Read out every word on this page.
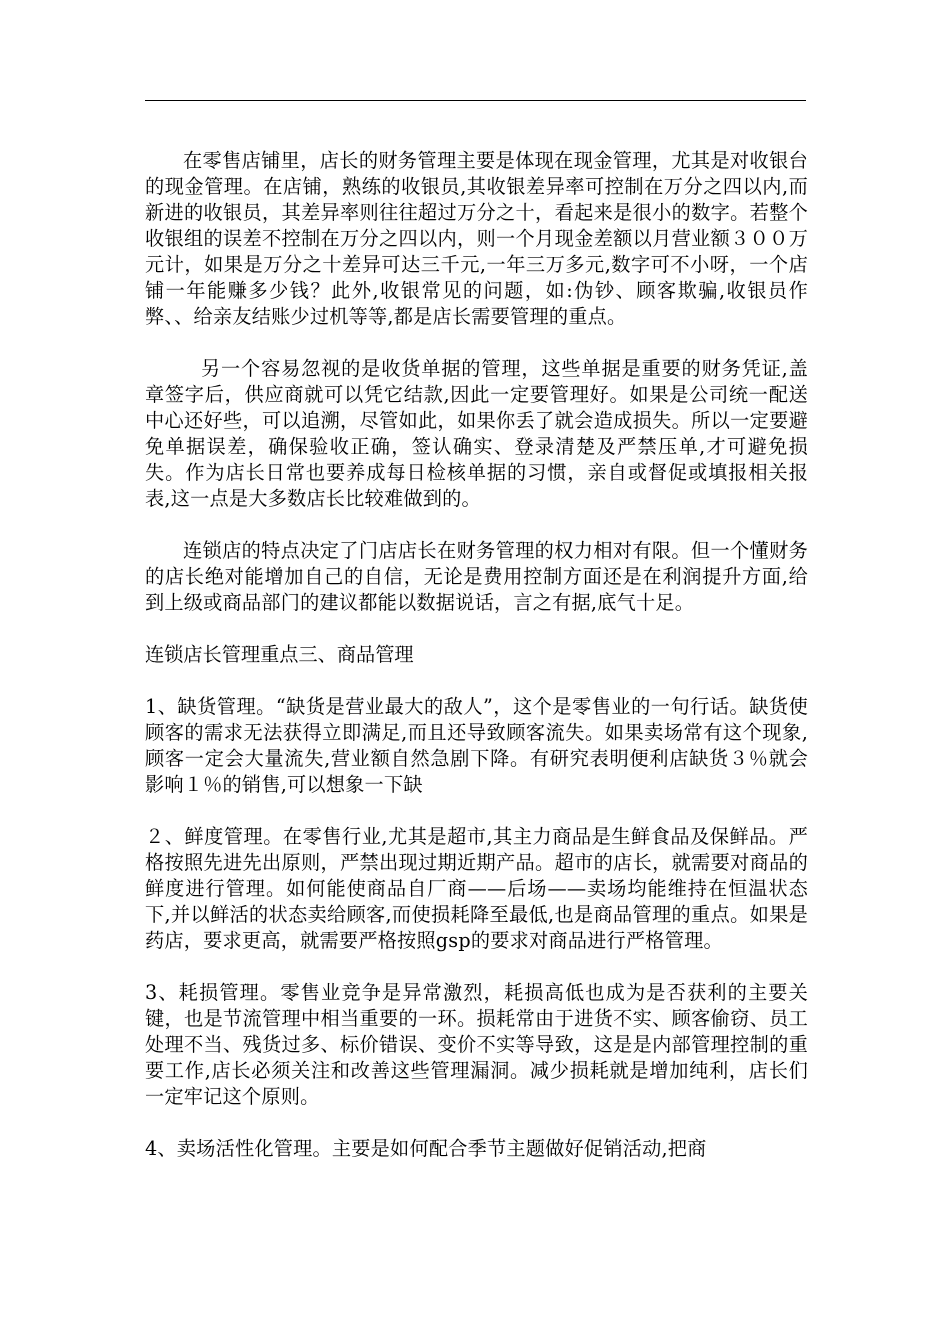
在零售店铺里，店长的财务管理主要是体现在现金管理，尤其是对收银台的现金管理。在店铺，熟练的收银员,其收银差异率可控制在万分之四以内,而新进的收银员，其差异率则往往超过万分之十，看起来是很小的数字。若整个收银组的误差不控制在万分之四以内，则一个月现金差额以月营业额３００万元计，如果是万分之十差异可达三千元,一年三万多元,数字可不小呀，一个店铺一年能赚多少钱？此外,收银常见的问题，如:伪钞、顾客欺骗,收银员作弊、、给亲友结账少过机等等,都是店长需要管理的重点。

另一个容易忽视的是收货单据的管理，这些单据是重要的财务凭证,盖章签字后，供应商就可以凭它结款,因此一定要管理好。如果是公司统一配送中心还好些，可以追溯，尽管如此，如果你丢了就会造成损失。所以一定要避免单据误差，确保验收正确，签认确实、登录清楚及严禁压单,才可避免损失。作为店长日常也要养成每日检核单据的习惯，亲自或督促或填报相关报表,这一点是大多数店长比较难做到的。

连锁店的特点决定了门店店长在财务管理的权力相对有限。但一个懂财务的店长绝对能增加自己的自信，无论是费用控制方面还是在利润提升方面,给到上级或商品部门的建议都能以数据说话，言之有据,底气十足。

连锁店长管理重点三、商品管理

1、缺货管理。“缺货是营业最大的敌人”，这个是零售业的一句行话。缺货使顾客的需求无法获得立即满足,而且还导致顾客流失。如果卖场常有这个现象,顾客一定会大量流失,营业额自然急剧下降。有研究表明便利店缺货３％就会影响１％的销售,可以想象一下缺

２、鲜度管理。在零售行业,尤其是超市,其主力商品是生鲜食品及保鲜品。严格按照先进先出原则，严禁出现过期近期产品。超市的店长，就需要对商品的鲜度进行管理。如何能使商品自厂商——后场——卖场均能维持在恒温状态下,并以鲜活的状态卖给顾客,而使损耗降至最低,也是商品管理的重点。如果是药店，要求更高，就需要严格按照gsp的要求对商品进行严格管理。

3、耗损管理。零售业竞争是异常激烈，耗损高低也成为是否获利的主要关键，也是节流管理中相当重要的一环。损耗常由于进货不实、顾客偷窃、员工处理不当、残货过多、标价错误、变价不实等导致，这是是内部管理控制的重要工作,店长必须关注和改善这些管理漏洞。减少损耗就是增加纯利，店长们一定牢记这个原则。

4、卖场活性化管理。主要是如何配合季节主题做好促销活动,把商
